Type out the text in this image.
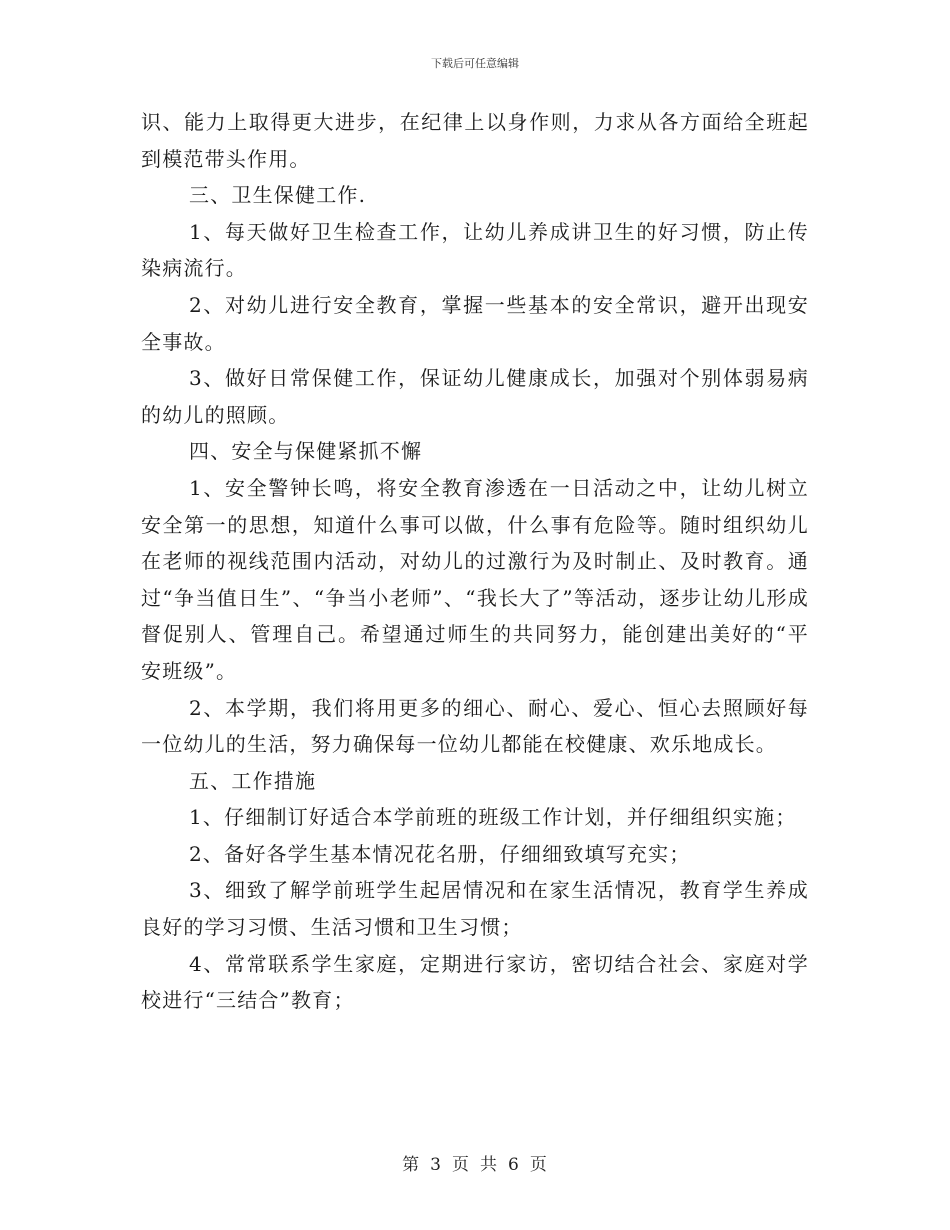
下载后可任意编辑

识、能力上取得更大进步，在纪律上以身作则，力求从各方面给全班起到模范带头作用。

三、卫生保健工作.

1、每天做好卫生检查工作，让幼儿养成讲卫生的好习惯，防止传染病流行。

2、对幼儿进行安全教育，掌握一些基本的安全常识，避开出现安全事故。

3、做好日常保健工作，保证幼儿健康成长，加强对个别体弱易病的幼儿的照顾。

四、安全与保健紧抓不懈

1、安全警钟长鸣，将安全教育渗透在一日活动之中，让幼儿树立安全第一的思想，知道什么事可以做，什么事有危险等。随时组织幼儿在老师的视线范围内活动，对幼儿的过激行为及时制止、及时教育。通过“争当值日生”、“争当小老师”、“我长大了”等活动，逐步让幼儿形成督促别人、管理自己。希望通过师生的共同努力，能创建出美好的“平安班级”。

2、本学期，我们将用更多的细心、耐心、爱心、恒心去照顾好每一位幼儿的生活，努力确保每一位幼儿都能在校健康、欢乐地成长。

五、工作措施

1、仔细制订好适合本学前班的班级工作计划，并仔细组织实施；

2、备好各学生基本情况花名册，仔细细致填写充实；

3、细致了解学前班学生起居情况和在家生活情况，教育学生养成良好的学习习惯、生活习惯和卫生习惯；

4、常常联系学生家庭，定期进行家访，密切结合社会、家庭对学校进行“三结合”教育；

第 3 页 共 6 页
